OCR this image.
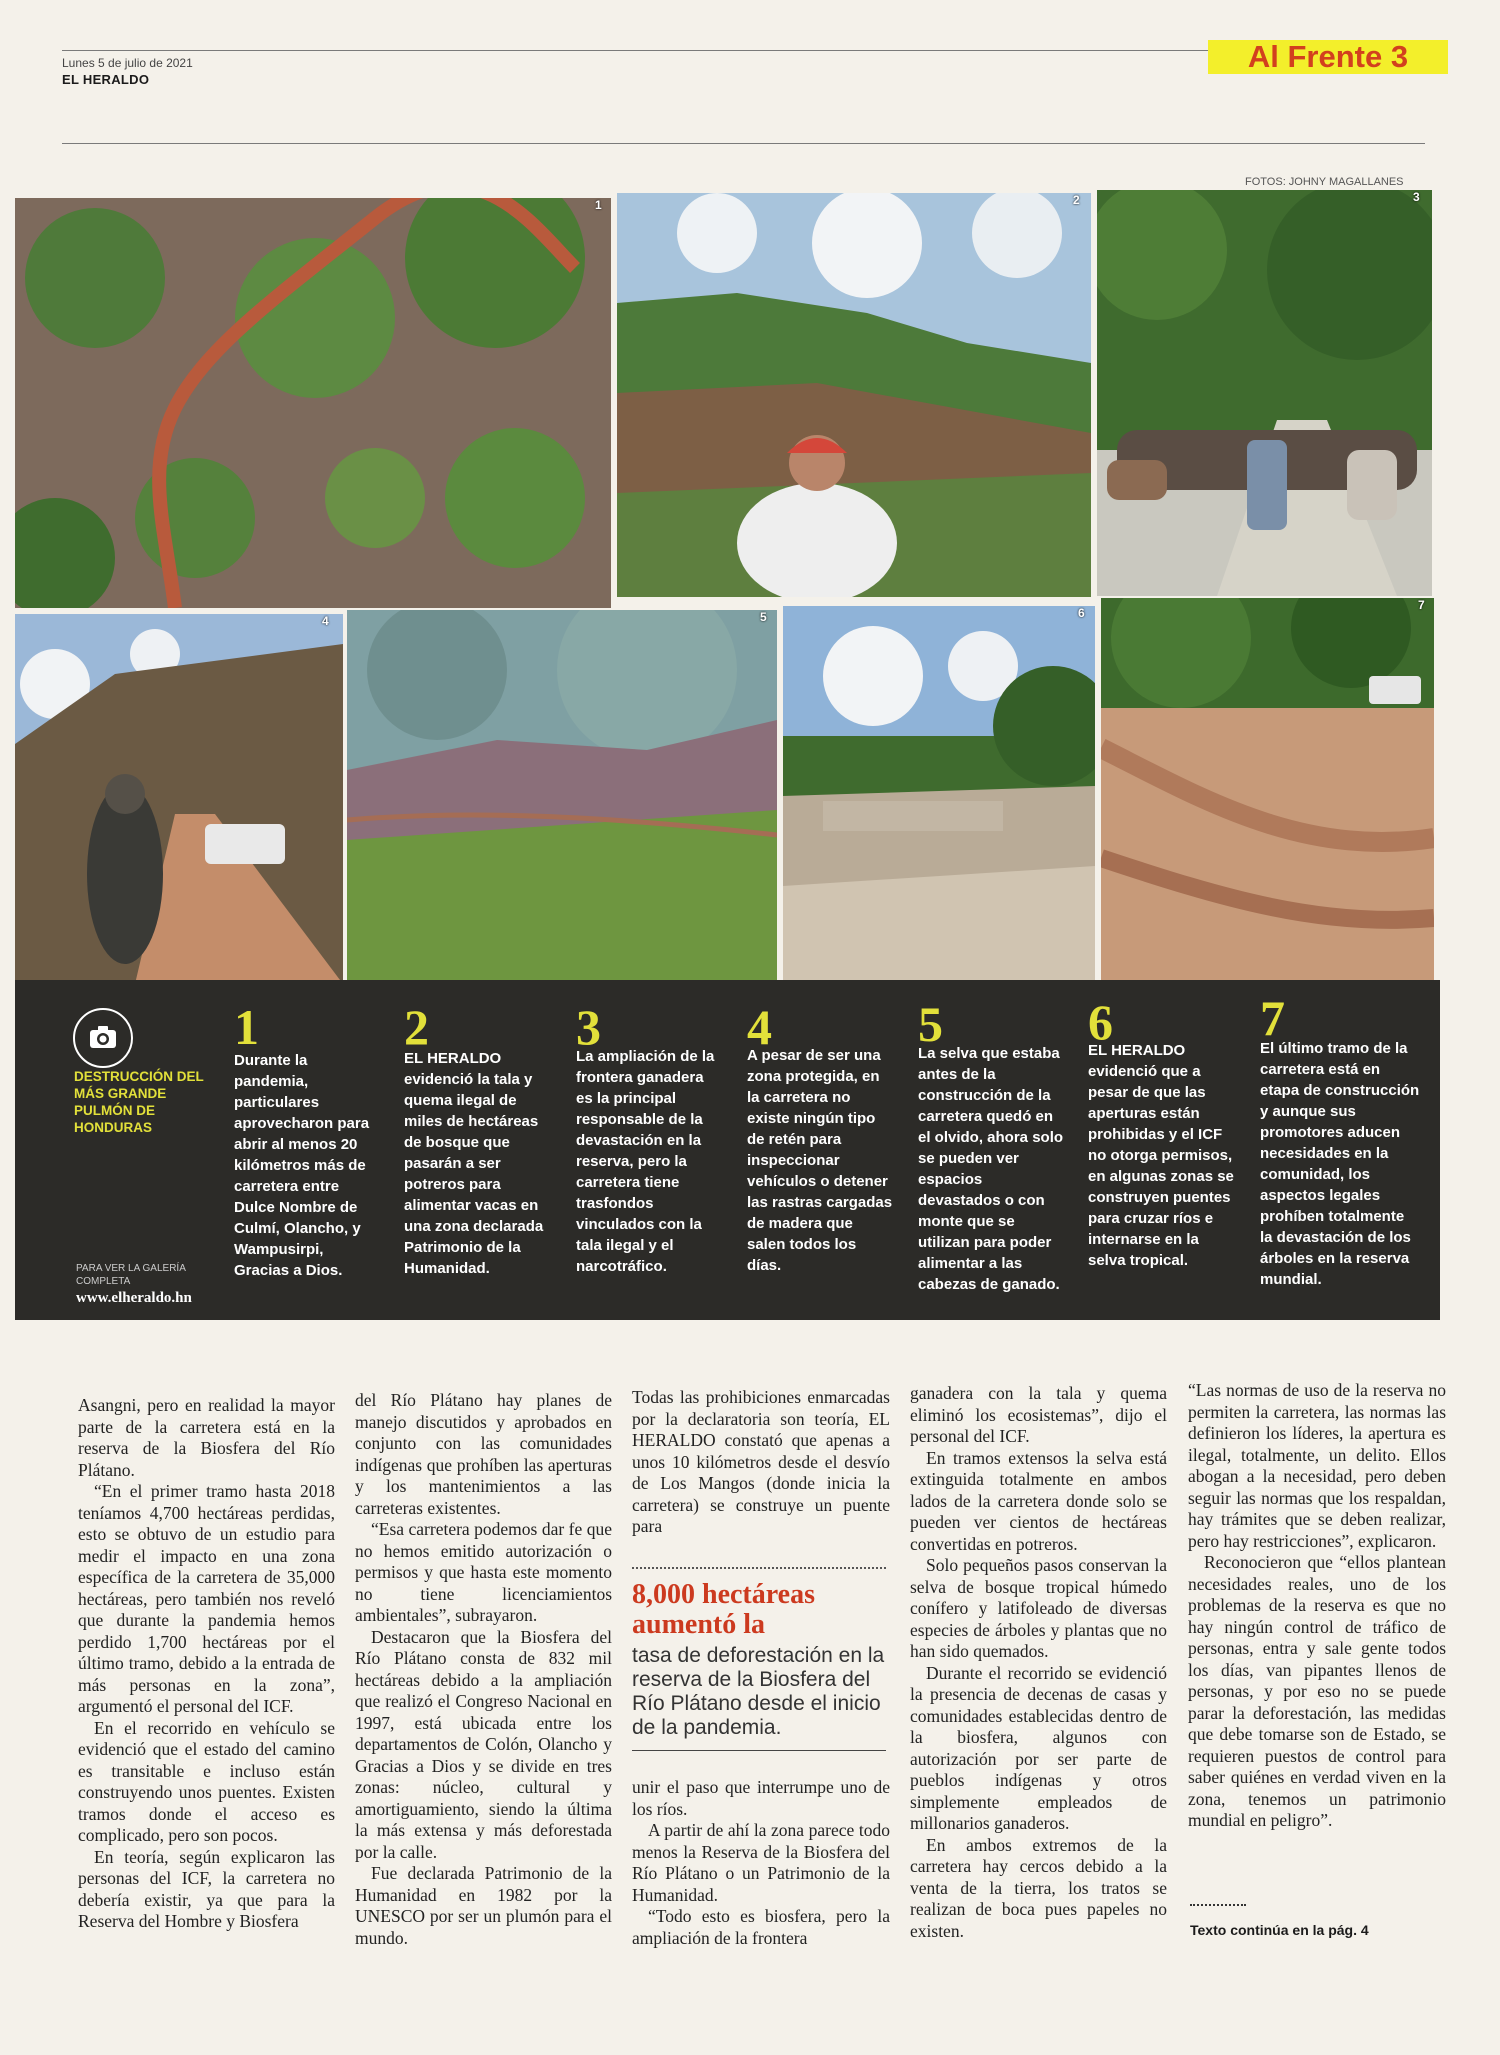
Lunes 5 de julio de 2021
EL HERALDO
Al Frente 3
FOTOS: JOHNY MAGALLANES
1	2	3
4	5	6
7
DESTRUCCIÓN DEL MÁS GRANDE PULMÓN DE HONDURAS
PARA VER LA GALERÍA COMPLETA
www.elheraldo.hn
1
Durante la pandemia, particulares aprovecharon para abrir al menos 20 kilómetros más de carretera entre Dulce Nombre de Culmí, Olancho, y Wampusirpi, Gracias a Dios.
2
EL HERALDO evidenció la tala y quema ilegal de miles de hectáreas de bosque que pasarán a ser potreros para alimentar vacas en una zona declarada Patrimonio de la Humanidad.
3
La ampliación de la frontera ganadera es la principal responsable de la devastación en la reserva, pero la carretera tiene trasfondos vinculados con la tala ilegal y el narcotráfico.
4
A pesar de ser una zona protegida, en la carretera no existe ningún tipo de retén para inspeccionar vehículos o detener las rastras cargadas de madera que salen todos los días.
5
La selva que estaba antes de la construcción de la carretera quedó en el olvido, ahora solo se pueden ver espacios devastados o con monte que se utilizan para poder alimentar a las cabezas de ganado.
6
EL HERALDO evidenció que a pesar de que las aperturas están prohibidas y el ICF no otorga permisos, en algunas zonas se construyen puentes para cruzar ríos e internarse en la selva tropical.
7
El último tramo de la carretera está en etapa de construcción y aunque sus promotores aducen necesidades en la comunidad, los aspectos legales prohíben totalmente la devastación de los árboles en la reserva mundial.

Asangni, pero en realidad la mayor parte de la carretera está en la reserva de la Biosfera del Río Plátano.

“En el primer tramo hasta 2018 teníamos 4,700 hectáreas perdidas, esto se obtuvo de un estudio para medir el impacto en una zona específica de la carretera de 35,000 hectáreas, pero también nos reveló que durante la pandemia hemos perdido 1,700 hectáreas por el último tramo, debido a la entrada de más personas en la zona”, argumentó el personal del ICF.

En el recorrido en vehículo se evidenció que el estado del camino es transitable e incluso están construyendo unos puentes. Existen tramos donde el acceso es complicado, pero son pocos.

En teoría, según explicaron las personas del ICF, la carretera no debería existir, ya que para la Reserva del Hombre y Biosfera

del Río Plátano hay planes de manejo discutidos y aprobados en conjunto con las comunidades indígenas que prohíben las aperturas y los mantenimientos a las carreteras existentes.

“Esa carretera podemos dar fe que no hemos emitido autorización o permisos y que hasta este momento no tiene licenciamientos ambientales”, subrayaron.

Destacaron que la Biosfera del Río Plátano consta de 832 mil hectáreas debido a la ampliación que realizó el Congreso Nacional en 1997, está ubicada entre los departamentos de Colón, Olancho y Gracias a Dios y se divide en tres zonas: núcleo, cultural y amortiguamiento, siendo la última la más extensa y más deforestada por la calle.

Fue declarada Patrimonio de la Humanidad en 1982 por la UNESCO por ser un plumón para el mundo.

Todas las prohibiciones enmarcadas por la declaratoria son teoría, EL HERALDO constató que apenas a unos 10 kilómetros desde el desvío de Los Mangos (donde inicia la carretera) se construye un puente para

8,000 hectáreas aumentó la
tasa de deforestación en la reserva de la Biosfera del Río Plátano desde el inicio de la pandemia.

unir el paso que interrumpe uno de los ríos.

A partir de ahí la zona parece todo menos la Reserva de la Biosfera del Río Plátano o un Patrimonio de la Humanidad.

“Todo esto es biosfera, pero la ampliación de la frontera

ganadera con la tala y quema eliminó los ecosistemas”, dijo el personal del ICF.

En tramos extensos la selva está extinguida totalmente en ambos lados de la carretera donde solo se pueden ver cientos de hectáreas convertidas en potreros.

Solo pequeños pasos conservan la selva de bosque tropical húmedo conífero y latifoleado de diversas especies de árboles y plantas que no han sido quemados.

Durante el recorrido se evidenció la presencia de decenas de casas y comunidades establecidas dentro de la biosfera, algunos con autorización por ser parte de pueblos indígenas y otros simplemente empleados de millonarios ganaderos.

En ambos extremos de la carretera hay cercos debido a la venta de la tierra, los tratos se realizan de boca pues papeles no existen.

“Las normas de uso de la reserva no permiten la carretera, las normas las definieron los líderes, la apertura es ilegal, totalmente, un delito. Ellos abogan a la necesidad, pero deben seguir las normas que los respaldan, hay trámites que se deben realizar, pero hay restricciones”, explicaron.

Reconocieron que “ellos plantean necesidades reales, uno de los problemas de la reserva es que no hay ningún control de tráfico de personas, entra y sale gente todos los días, van pipantes llenos de personas, y por eso no se puede parar la deforestación, las medidas que debe tomarse son de Estado, se requieren puestos de control para saber quiénes en verdad viven en la zona, tenemos un patrimonio mundial en peligro”.

Texto continúa en la pág. 4
